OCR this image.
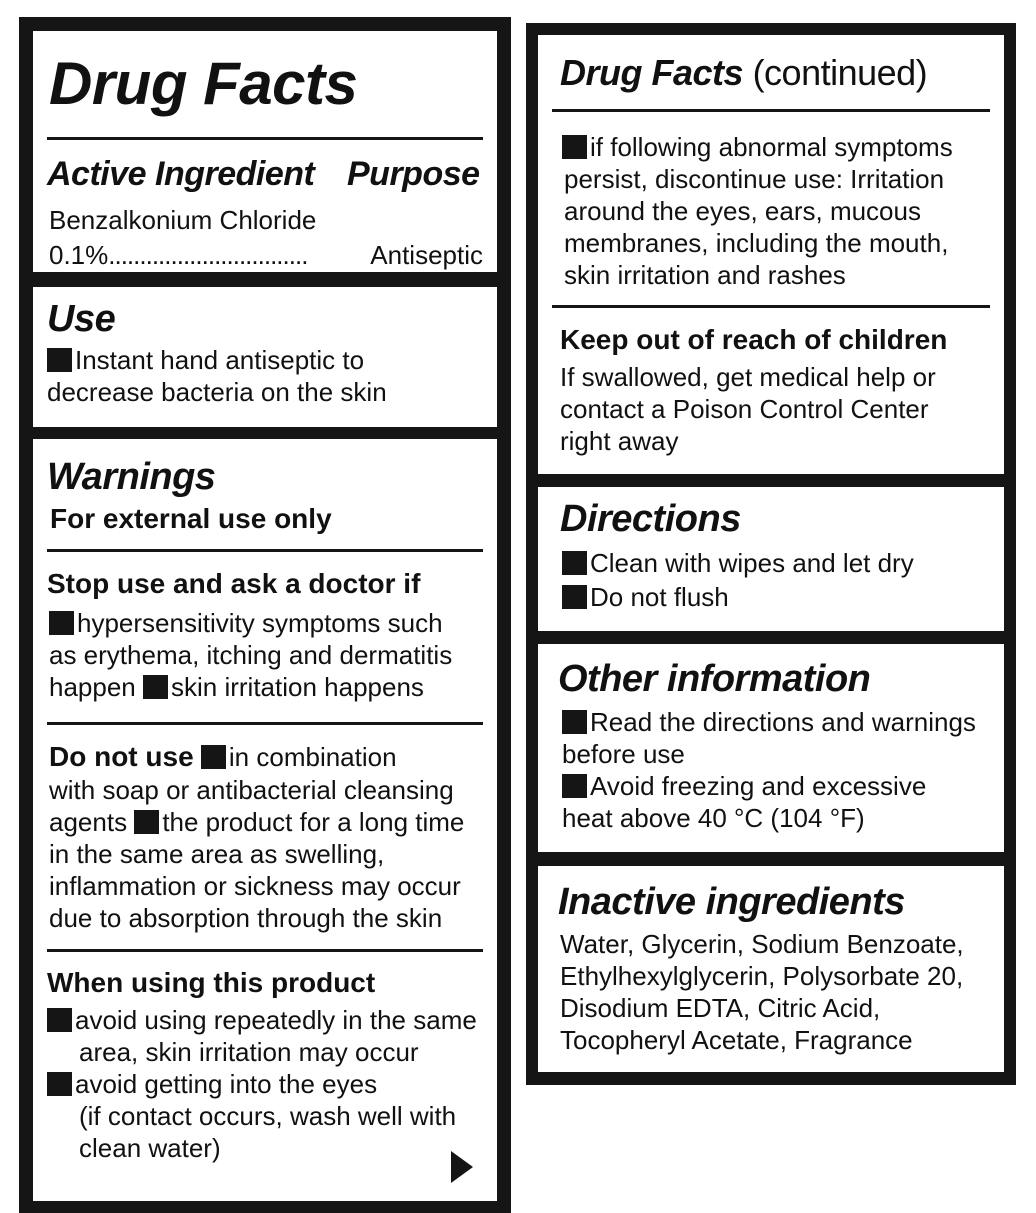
Drug Facts
Active Ingredient Purpose

Benzalkonium Chloride

0.1%................................ Antiseptic

Use

Instant hand antiseptic to

decrease bacteria on the skin

Warnings

For external use only

Stop use and ask a doctor if

hypersensitivity symptoms such

as erythema, itching and dermatitis

happen skin irritation happens

Do not use in combination

with soap or antibacterial cleansing

agents the product for a long time

in the same area as swelling,

inflammation or sickness may occur

due to absorption through the skin

When using this product

avoid using repeatedly in the same

area, skin irritation may occur

avoid getting into the eyes

(if contact occurs, wash well with

clean water)

Drug Facts (continued)

if following abnormal symptoms

persist, discontinue use: Irritation

around the eyes, ears, mucous

membranes, including the mouth,

skin irritation and rashes

Keep out of reach of children

If swallowed, get medical help or

contact a Poison Control Center

right away

Directions

Clean with wipes and let dry

Do not flush

Other information

Read the directions and warnings

before use

Avoid freezing and excessive

heat above 40 °C (104 °F)

Inactive ingredients

Water, Glycerin, Sodium Benzoate,

Ethylhexylglycerin, Polysorbate 20,

Disodium EDTA, Citric Acid,

Tocopheryl Acetate, Fragrance
